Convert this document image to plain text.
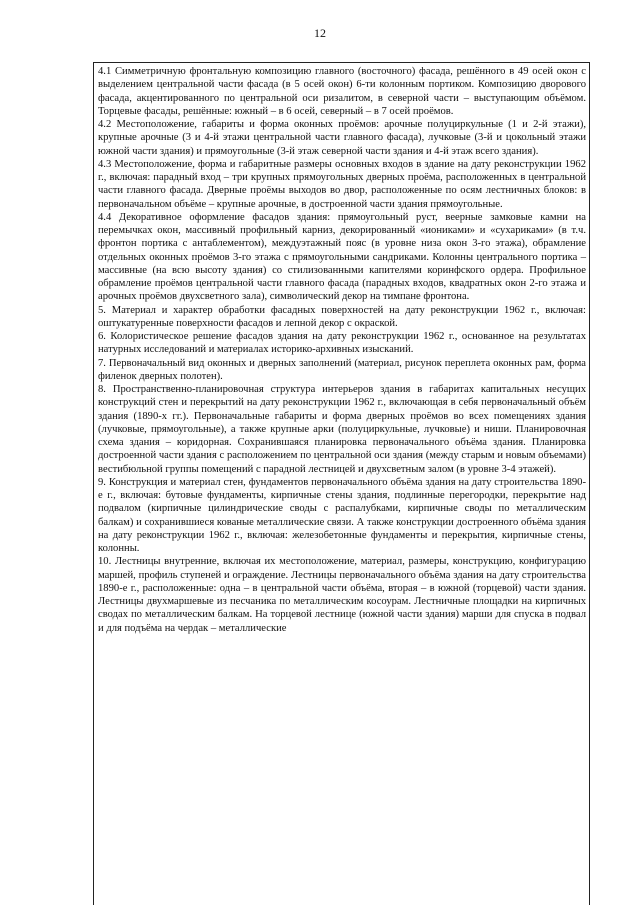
12

4.1 Симметричную фронтальную композицию главного (восточного) фасада, решённого в 49 осей окон с выделением центральной части фасада (в 5 осей окон) 6-ти колонным портиком. Композицию дворового фасада, акцентированного по центральной оси ризалитом, в северной части – выступающим объёмом. Торцевые фасады, решённые: южный – в 6 осей, северный – в 7 осей проёмов.

4.2 Местоположение, габариты и форма оконных проёмов: арочные полуциркульные (1 и 2-й этажи), крупные арочные (3 и 4-й этажи центральной части главного фасада), лучковые (3-й и цокольный этажи южной части здания) и прямоугольные (3-й этаж северной части здания и 4-й этаж всего здания).

4.3 Местоположение, форма и габаритные размеры основных входов в здание на дату реконструкции 1962 г., включая: парадный вход – три крупных прямоугольных дверных проёма, расположенных в центральной части главного фасада. Дверные проёмы выходов во двор, расположенные по осям лестничных блоков: в первоначальном объёме – крупные арочные, в достроенной части здания прямоугольные.

4.4 Декоративное оформление фасадов здания: прямоугольный руст, веерные замковые камни на перемычках окон, массивный профильный карниз, декорированный «иониками» и «сухариками» (в т.ч. фронтон портика с антаблементом), междуэтажный пояс (в уровне низа окон 3-го этажа), обрамление отдельных оконных проёмов 3-го этажа с прямоугольными сандриками. Колонны центрального портика – массивные (на всю высоту здания) со стилизованными капителями коринфского ордера. Профильное обрамление проёмов центральной части главного фасада (парадных входов, квадратных окон 2-го этажа и арочных проёмов двухсветного зала), символический декор на тимпане фронтона.

5. Материал и характер обработки фасадных поверхностей на дату реконструкции 1962 г., включая: оштукатуренные поверхности фасадов и лепной декор с окраской.

6. Колористическое решение фасадов здания на дату реконструкции 1962 г., основанное на результатах натурных исследований и материалах историко-архивных изысканий.

7. Первоначальный вид оконных и дверных заполнений (материал, рисунок переплета оконных рам, форма филенок дверных полотен).

8. Пространственно-планировочная структура интерьеров здания в габаритах капитальных несущих конструкций стен и перекрытий на дату реконструкции 1962 г., включающая в себя первоначальный объём здания (1890-х гг.). Первоначальные габариты и форма дверных проёмов во всех помещениях здания (лучковые, прямоугольные), а также крупные арки (полуциркульные, лучковые) и ниши. Планировочная схема здания – коридорная. Сохранившаяся планировка первоначального объёма здания. Планировка достроенной части здания с расположением по центральной оси здания (между старым и новым объемами) вестибюльной группы помещений с парадной лестницей и двухсветным залом (в уровне 3-4 этажей).

9. Конструкция и материал стен, фундаментов первоначального объёма здания на дату строительства 1890-е г., включая: бутовые фундаменты, кирпичные стены здания, подлинные перегородки, перекрытие над подвалом (кирпичные цилиндрические своды с распалубками, кирпичные своды по металлическим балкам) и сохранившиеся кованые металлические связи. А также конструкции достроенного объёма здания на дату реконструкции 1962 г., включая: железобетонные фундаменты и перекрытия, кирпичные стены, колонны.

10. Лестницы внутренние, включая их местоположение, материал, размеры, конструкцию, конфигурацию маршей, профиль ступеней и ограждение. Лестницы первоначального объёма здания на дату строительства 1890-е г., расположенные: одна – в центральной части объёма, вторая – в южной (торцевой) части здания. Лестницы двухмаршевые из песчаника по металлическим косоурам. Лестничные площадки на кирпичных сводах по металлическим балкам. На торцевой лестнице (южной части здания) марши для спуска в подвал и для подъёма на чердак – металлические
